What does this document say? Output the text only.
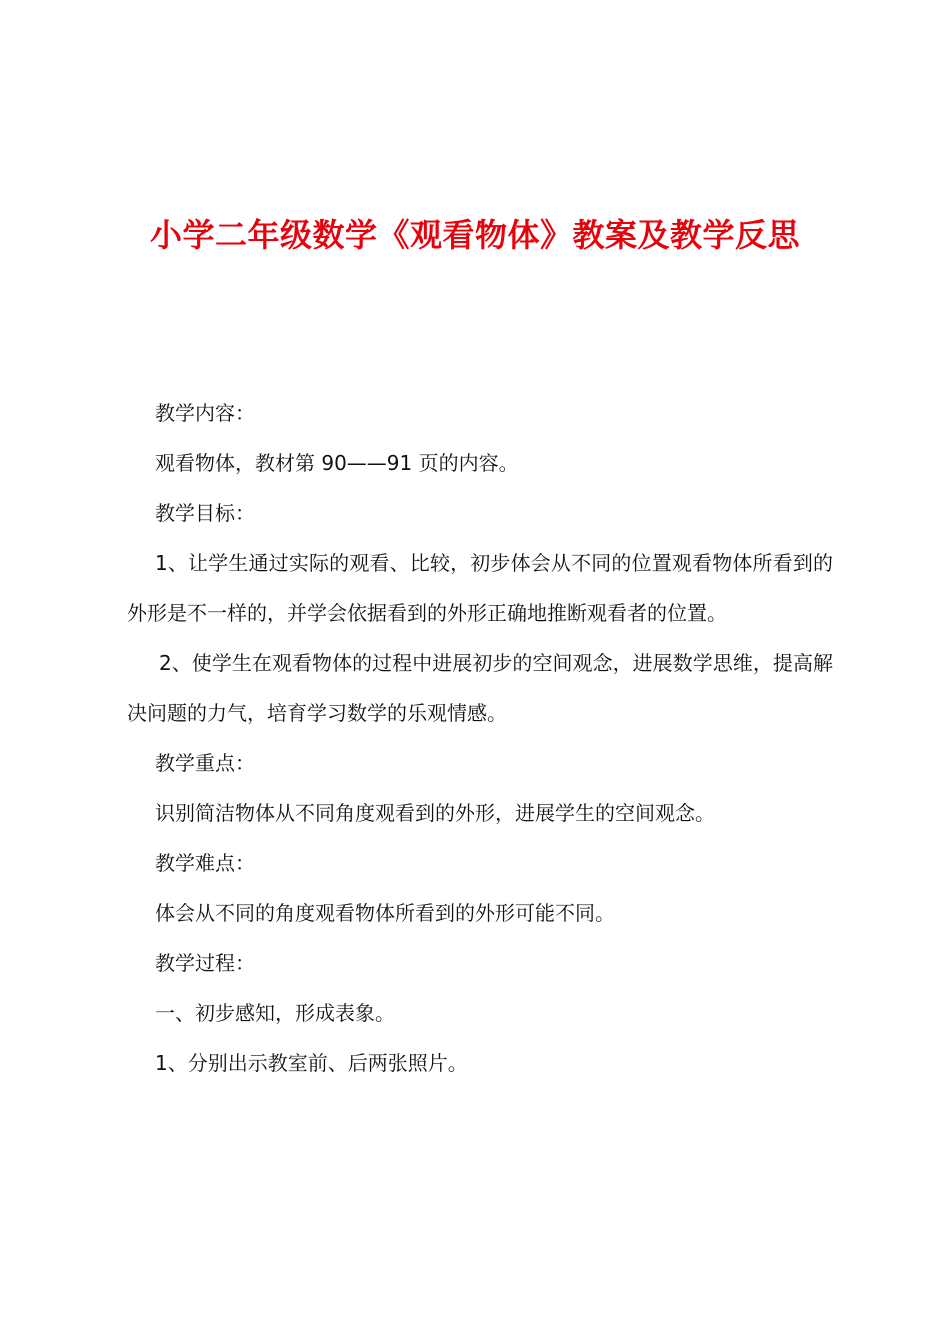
小学二年级数学《观看物体》教案及教学反思

教学内容：

观看物体，教材第 90——91 页的内容。

教学目标：

1、让学生通过实际的观看、比较，初步体会从不同的位置观看物体所看到的外形是不一样的，并学会依据看到的外形正确地推断观看者的位置。

2、使学生在观看物体的过程中进展初步的空间观念，进展数学思维，提高解决问题的力气，培育学习数学的乐观情感。

教学重点：

识别简洁物体从不同角度观看到的外形，进展学生的空间观念。

教学难点：

体会从不同的角度观看物体所看到的外形可能不同。

教学过程：

一、初步感知，形成表象。

1、分别出示教室前、后两张照片。
